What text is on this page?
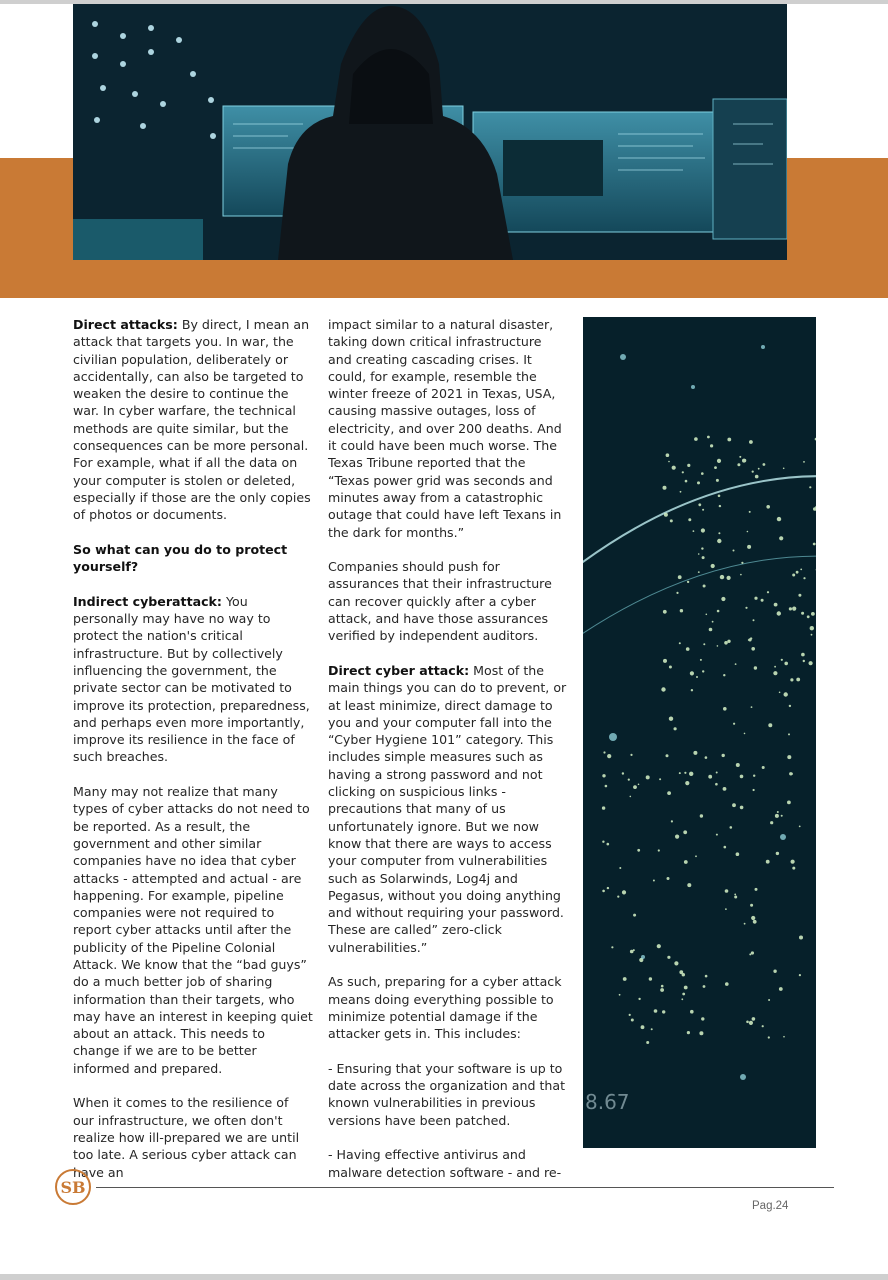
Direct attacks: By direct, I mean an attack that targets you. In war, the civilian population, deliberately or accidentally, can also be targeted to weaken the desire to continue the war. In cyber warfare, the technical methods are quite similar, but the consequences can be more personal. For example, what if all the data on your computer is stolen or deleted, especially if those are the only copies of photos or documents.

So what can you do to protect yourself?

Indirect cyberattack: You personally may have no way to protect the nation's critical infrastructure. But by collectively influencing the government, the private sector can be motivated to improve its protection, preparedness, and perhaps even more importantly, improve its resilience in the face of such breaches.

Many may not realize that many types of cyber attacks do not need to be reported. As a result, the government and other similar companies have no idea that cyber attacks - attempted and actual - are happening. For example, pipeline companies were not required to report cyber attacks until after the publicity of the Pipeline Colonial Attack. We know that the “bad guys” do a much better job of sharing information than their targets, who may have an interest in keeping quiet about an attack. This needs to change if we are to be better informed and prepared.

When it comes to the resilience of our infrastructure, we often don't realize how ill-prepared we are until too late. A serious cyber attack can have an

impact similar to a natural disaster, taking down critical infrastructure and creating cascading crises. It could, for example, resemble the winter freeze of 2021 in Texas, USA, causing massive outages, loss of electricity, and over 200 deaths. And it could have been much worse. The Texas Tribune reported that the “Texas power grid was seconds and minutes away from a catastrophic outage that could have left Texans in the dark for months.”

Companies should push for assurances that their infrastructure can recover quickly after a cyber attack, and have those assurances verified by independent auditors.

Direct cyber attack: Most of the main things you can do to prevent, or at least minimize, direct damage to you and your computer fall into the “Cyber Hygiene 101” category. This includes simple measures such as having a strong password and not clicking on suspicious links - precautions that many of us unfortunately ignore. But we now know that there are ways to access your computer from vulnerabilities such as Solarwinds, Log4j and Pegasus, without you doing anything and without requiring your password. These are called” zero-click vulnerabilities.”

As such, preparing for a cyber attack means doing everything possible to minimize potential damage if the attacker gets in. This includes:

- Ensuring that your software is up to date across the organization and that known vulnerabilities in previous versions have been patched.

- Having effective antivirus and malware detection software - and re-

8.67
SB
Pag.24
